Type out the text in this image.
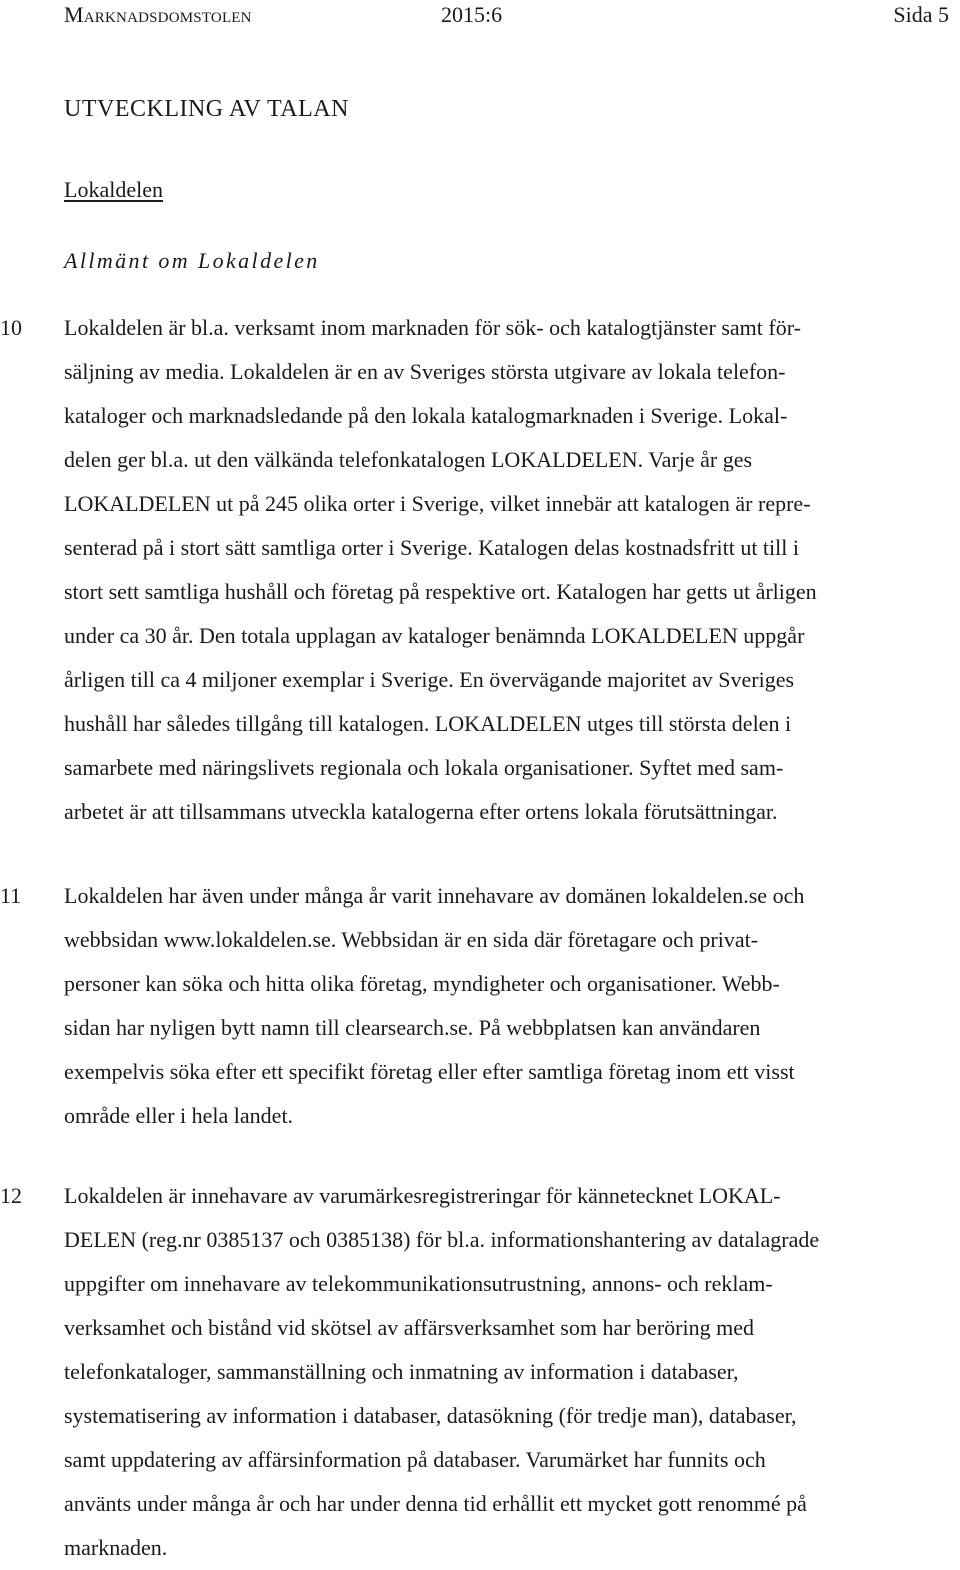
Marknadsdomstolen	2015:6	Sida 5
UTVECKLING AV TALAN
Lokaldelen
Allmänt om Lokaldelen
10 Lokaldelen är bl.a. verksamt inom marknaden för sök- och katalogtjänster samt för-
säljning av media. Lokaldelen är en av Sveriges största utgivare av lokala telefon-
kataloger och marknadsledande på den lokala katalogmarknaden i Sverige. Lokal-
delen ger bl.a. ut den välkända telefonkatalogen LOKALDELEN. Varje år ges
LOKALDELEN ut på 245 olika orter i Sverige, vilket innebär att katalogen är repre-
senterad på i stort sätt samtliga orter i Sverige. Katalogen delas kostnadsfritt ut till i
stort sett samtliga hushåll och företag på respektive ort. Katalogen har getts ut årligen
under ca 30 år. Den totala upplagan av kataloger benämnda LOKALDELEN uppgår
årligen till ca 4 miljoner exemplar i Sverige. En övervägande majoritet av Sveriges
hushåll har således tillgång till katalogen. LOKALDELEN utges till största delen i
samarbete med näringslivets regionala och lokala organisationer. Syftet med sam-
arbetet är att tillsammans utveckla katalogerna efter ortens lokala förutsättningar.
11 Lokaldelen har även under många år varit innehavare av domänen lokaldelen.se och
webbsidan www.lokaldelen.se. Webbsidan är en sida där företagare och privat-
personer kan söka och hitta olika företag, myndigheter och organisationer. Webb-
sidan har nyligen bytt namn till clearsearch.se. På webbplatsen kan användaren
exempelvis söka efter ett specifikt företag eller efter samtliga företag inom ett visst
område eller i hela landet.
12 Lokaldelen är innehavare av varumärkesregistreringar för kännetecknet LOKAL-
DELEN (reg.nr 0385137 och 0385138) för bl.a. informationshantering av datalagrade
uppgifter om innehavare av telekommunikationsutrustning, annons- och reklam-
verksamhet och bistånd vid skötsel av affärsverksamhet som har beröring med
telefonkataloger, sammanställning och inmatning av information i databaser,
systematisering av information i databaser, datasökning (för tredje man), databaser,
samt uppdatering av affärsinformation på databaser. Varumärket har funnits och
använts under många år och har under denna tid erhållit ett mycket gott renommé på
marknaden.
